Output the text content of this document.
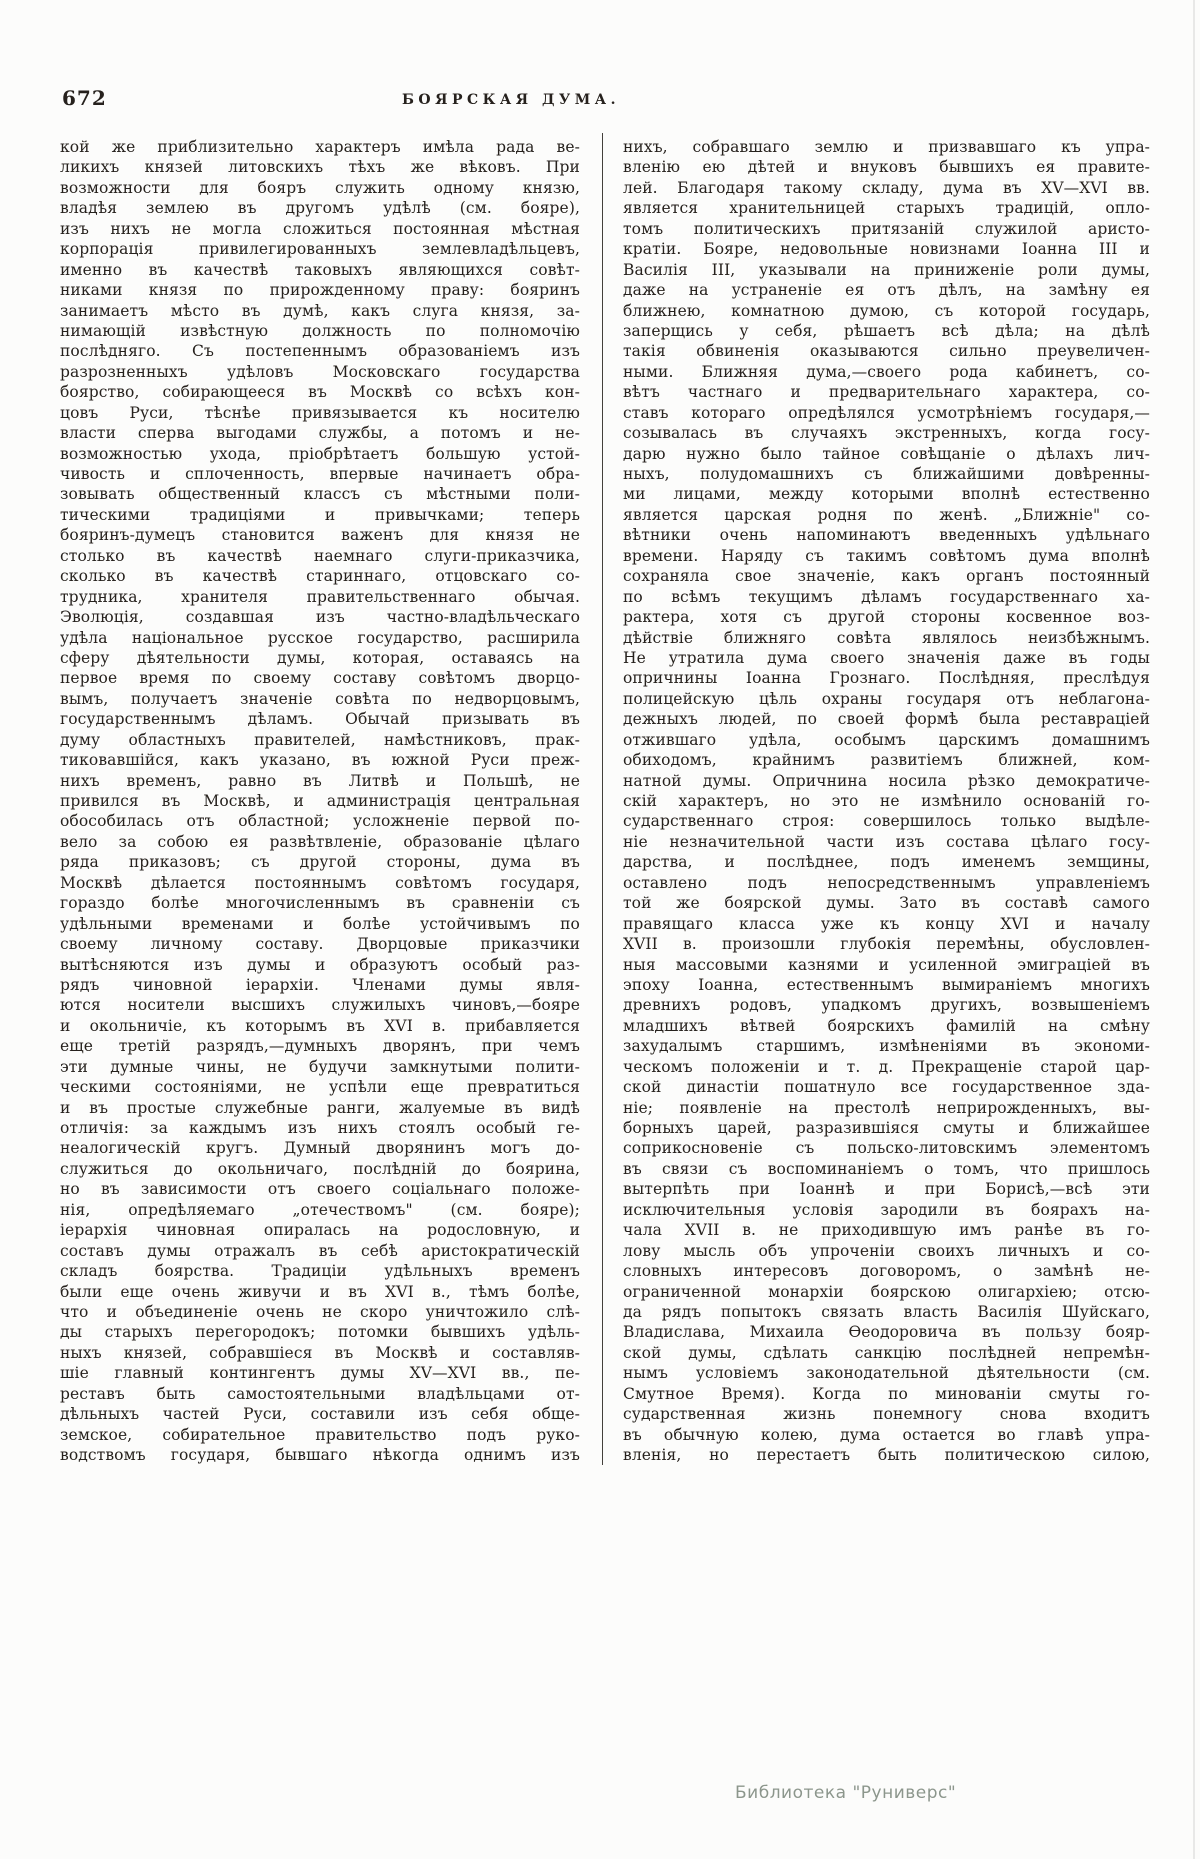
672	БОЯРСКАЯ ДУМА.
кой же приблизительно характеръ имѣла рада ве-
ликихъ князей литовскихъ тѣхъ же вѣковъ. При
возможности для бояръ служить одному князю,
владѣя землею въ другомъ удѣлѣ (см. бояре),
изъ нихъ не могла сложиться постоянная мѣстная
корпорація привилегированныхъ землевладѣльцевъ,
именно въ качествѣ таковыхъ являющихся совѣт-
никами князя по прирожденному праву: бояринъ
занимаетъ мѣсто въ думѣ, какъ слуга князя, за-
нимающій извѣстную должность по полномочію
послѣдняго. Съ постепеннымъ образованіемъ изъ
разрозненныхъ удѣловъ Московскаго государства
боярство, собирающееся въ Москвѣ со всѣхъ кон-
цовъ Руси, тѣснѣе привязывается къ носителю
власти сперва выгодами службы, а потомъ и не-
возможностью ухода, пріобрѣтаетъ большую устой-
чивость и сплоченность, впервые начинаетъ обра-
зовывать общественный классъ съ мѣстными поли-
тическими традиціями и привычками; теперь
бояринъ-думецъ становится важенъ для князя не
столько въ качествѣ наемнаго слуги-приказчика,
сколько въ качествѣ стариннаго, отцовскаго со-
трудника, хранителя правительственнаго обычая.
Эволюція, создавшая изъ частно-владѣльческаго
удѣла національное русское государство, расширила
сферу дѣятельности думы, которая, оставаясь на
первое время по своему составу совѣтомъ дворцо-
вымъ, получаетъ значеніе совѣта по недворцовымъ,
государственнымъ дѣламъ. Обычай призывать въ
думу областныхъ правителей, намѣстниковъ, прак-
тиковавшійся, какъ указано, въ южной Руси преж-
нихъ временъ, равно въ Литвѣ и Польшѣ, не
привился въ Москвѣ, и администрація центральная
обособилась отъ областной; усложненіе первой по-
вело за собою ея развѣтвленіе, образованіе цѣлаго
ряда приказовъ; съ другой стороны, дума въ
Москвѣ дѣлается постояннымъ совѣтомъ государя,
гораздо болѣе многочисленнымъ въ сравненіи съ
удѣльными временами и болѣе устойчивымъ по
своему личному составу. Дворцовые приказчики
вытѣсняются изъ думы и образуютъ особый раз-
рядъ чиновной іерархіи. Членами думы явля-
ются носители высшихъ служилыхъ чиновъ,—бояре
и окольничіе, къ которымъ въ XVI в. прибавляется
еще третій разрядъ,—думныхъ дворянъ, при чемъ
эти думные чины, не будучи замкнутыми полити-
ческими состояніями, не успѣли еще превратиться
и въ простые служебные ранги, жалуемые въ видѣ
отличія: за каждымъ изъ нихъ стоялъ особый ге-
неалогическій кругъ. Думный дворянинъ могъ до-
служиться до окольничаго, послѣдній до боярина,
но въ зависимости отъ своего соціальнаго положе-
нія, опредѣляемаго „отечествомъ" (см. бояре);
іерархія чиновная опиралась на родословную, и
составъ думы отражалъ въ себѣ аристократическій
складъ боярства. Традиціи удѣльныхъ временъ
были еще очень живучи и въ XVI в., тѣмъ болѣе,
что и объединеніе очень не скоро уничтожило слѣ-
ды старыхъ перегородокъ; потомки бывшихъ удѣль-
ныхъ князей, собравшіеся въ Москвѣ и составляв-
шіе главный контингентъ думы XV—XVI вв., пе-
реставъ быть самостоятельными владѣльцами от-
дѣльныхъ частей Руси, составили изъ себя обще-
земское, собирательное правительство подъ руко-
водствомъ государя, бывшаго нѣкогда однимъ изъ
нихъ, собравшаго землю и призвавшаго къ упра-
вленію ею дѣтей и внуковъ бывшихъ ея правите-
лей. Благодаря такому складу, дума въ XV—XVI вв.
является хранительницей старыхъ традицій, опло-
томъ политическихъ притязаній служилой аристо-
кратіи. Бояре, недовольные новизнами Іоанна III и
Василія III, указывали на приниженіе роли думы,
даже на устраненіе ея отъ дѣлъ, на замѣну ея
ближнею, комнатною думою, съ которой государь,
заперщись у себя, рѣшаетъ всѣ дѣла; на дѣлѣ
такія обвиненія оказываются сильно преувеличен-
ными. Ближняя дума,—своего рода кабинетъ, со-
вѣтъ частнаго и предварительнаго характера, со-
ставъ котораго опредѣлялся усмотрѣніемъ государя,—
созывалась въ случаяхъ экстренныхъ, когда госу-
дарю нужно было тайное совѣщаніе о дѣлахъ лич-
ныхъ, полудомашнихъ съ ближайшими довѣренны-
ми лицами, между которыми вполнѣ естественно
является царская родня по женѣ. „Ближніе" со-
вѣтники очень напоминаютъ введенныхъ удѣльнаго
времени. Наряду съ такимъ совѣтомъ дума вполнѣ
сохраняла свое значеніе, какъ органъ постоянный
по всѣмъ текущимъ дѣламъ государственнаго ха-
рактера, хотя съ другой стороны косвенное воз-
дѣйствіе ближняго совѣта являлось неизбѣжнымъ.
Не утратила дума своего значенія даже въ годы
опричнины Іоанна Грознаго. Послѣдняя, преслѣдуя
полицейскую цѣль охраны государя отъ неблагона-
дежныхъ людей, по своей формѣ была реставраціей
отжившаго удѣла, особымъ царскимъ домашнимъ
обиходомъ, крайнимъ развитіемъ ближней, ком-
натной думы. Опричнина носила рѣзко демократиче-
скій характеръ, но это не измѣнило основаній го-
сударственнаго строя: совершилось только выдѣле-
ніе незначительной части изъ состава цѣлаго госу-
дарства, и послѣднее, подъ именемъ земщины,
оставлено подъ непосредственнымъ управленіемъ
той же боярской думы. Зато въ составѣ самого
правящаго класса уже къ концу XVI и началу
XVII в. произошли глубокія перемѣны, обусловлен-
ныя массовыми казнями и усиленной эмиграціей въ
эпоху Іоанна, естественнымъ вымираніемъ многихъ
древнихъ родовъ, упадкомъ другихъ, возвышеніемъ
младшихъ вѣтвей боярскихъ фамилій на смѣну
захудалымъ старшимъ, измѣненіями въ экономи-
ческомъ положеніи и т. д. Прекращеніе старой цар-
ской династіи пошатнуло все государственное зда-
ніе; появленіе на престолѣ неприрожденныхъ, вы-
борныхъ царей, разразившіяся смуты и ближайшее
соприкосновеніе съ польско-литовскимъ элементомъ
въ связи съ воспоминаніемъ о томъ, что пришлось
вытерпѣть при Іоаннѣ и при Борисѣ,—всѣ эти
исключительныя условія зародили въ боярахъ на-
чала XVII в. не приходившую имъ ранѣе въ го-
лову мысль объ упроченіи своихъ личныхъ и со-
словныхъ интересовъ договоромъ, о замѣнѣ не-
ограниченной монархіи боярскою олигархіею; отсю-
да рядъ попытокъ связать власть Василія Шуйскаго,
Владислава, Михаила Ѳеодоровича въ пользу бояр-
ской думы, сдѣлать санкцію послѣдней непремѣн-
нымъ условіемъ законодательной дѣятельности (см.
Смутное Время). Когда по минованіи смуты го-
сударственная жизнь понемногу снова входитъ
въ обычную колею, дума остается во главѣ упра-
вленія, но перестаетъ быть политическою силою,
Библиотека "Руниверс"
